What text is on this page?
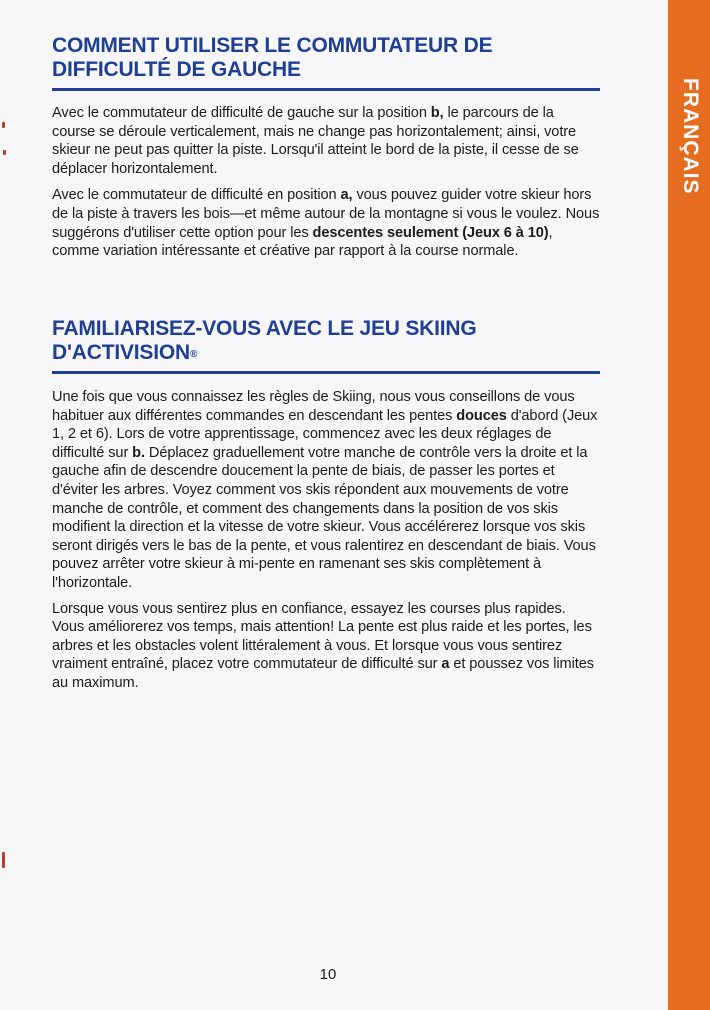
FRANÇAIS
COMMENT UTILISER LE COMMUTATEUR DE DIFFICULTÉ DE GAUCHE

Avec le commutateur de difficulté de gauche sur la position b, le parcours de la course se déroule verticalement, mais ne change pas horizontalement; ainsi, votre skieur ne peut pas quitter la piste. Lorsqu'il atteint le bord de la piste, il cesse de se déplacer horizontalement.

Avec le commutateur de difficulté en position a, vous pouvez guider votre skieur hors de la piste à travers les bois—et même autour de la montagne si vous le voulez. Nous suggérons d'utiliser cette option pour les descentes seulement (Jeux 6 à 10), comme variation intéressante et créative par rapport à la course normale.

FAMILIARISEZ-VOUS AVEC LE JEU SKIING D'ACTIVISION®

Une fois que vous connaissez les règles de Skiing, nous vous conseillons de vous habituer aux différentes commandes en descendant les pentes douces d'abord (Jeux 1, 2 et 6). Lors de votre apprentissage, commencez avec les deux réglages de difficulté sur b. Déplacez graduellement votre manche de contrôle vers la droite et la gauche afin de descendre doucement la pente de biais, de passer les portes et d'éviter les arbres. Voyez comment vos skis répondent aux mouvements de votre manche de contrôle, et comment des changements dans la position de vos skis modifient la direction et la vitesse de votre skieur. Vous accélérerez lorsque vos skis seront dirigés vers le bas de la pente, et vous ralentirez en descendant de biais. Vous pouvez arrêter votre skieur à mi-pente en ramenant ses skis complètement à l'horizontale.

Lorsque vous vous sentirez plus en confiance, essayez les courses plus rapides. Vous améliorerez vos temps, mais attention! La pente est plus raide et les portes, les arbres et les obstacles volent littéralement à vous. Et lorsque vous vous sentirez vraiment entraîné, placez votre commutateur de difficulté sur a et poussez vos limites au maximum.

10
